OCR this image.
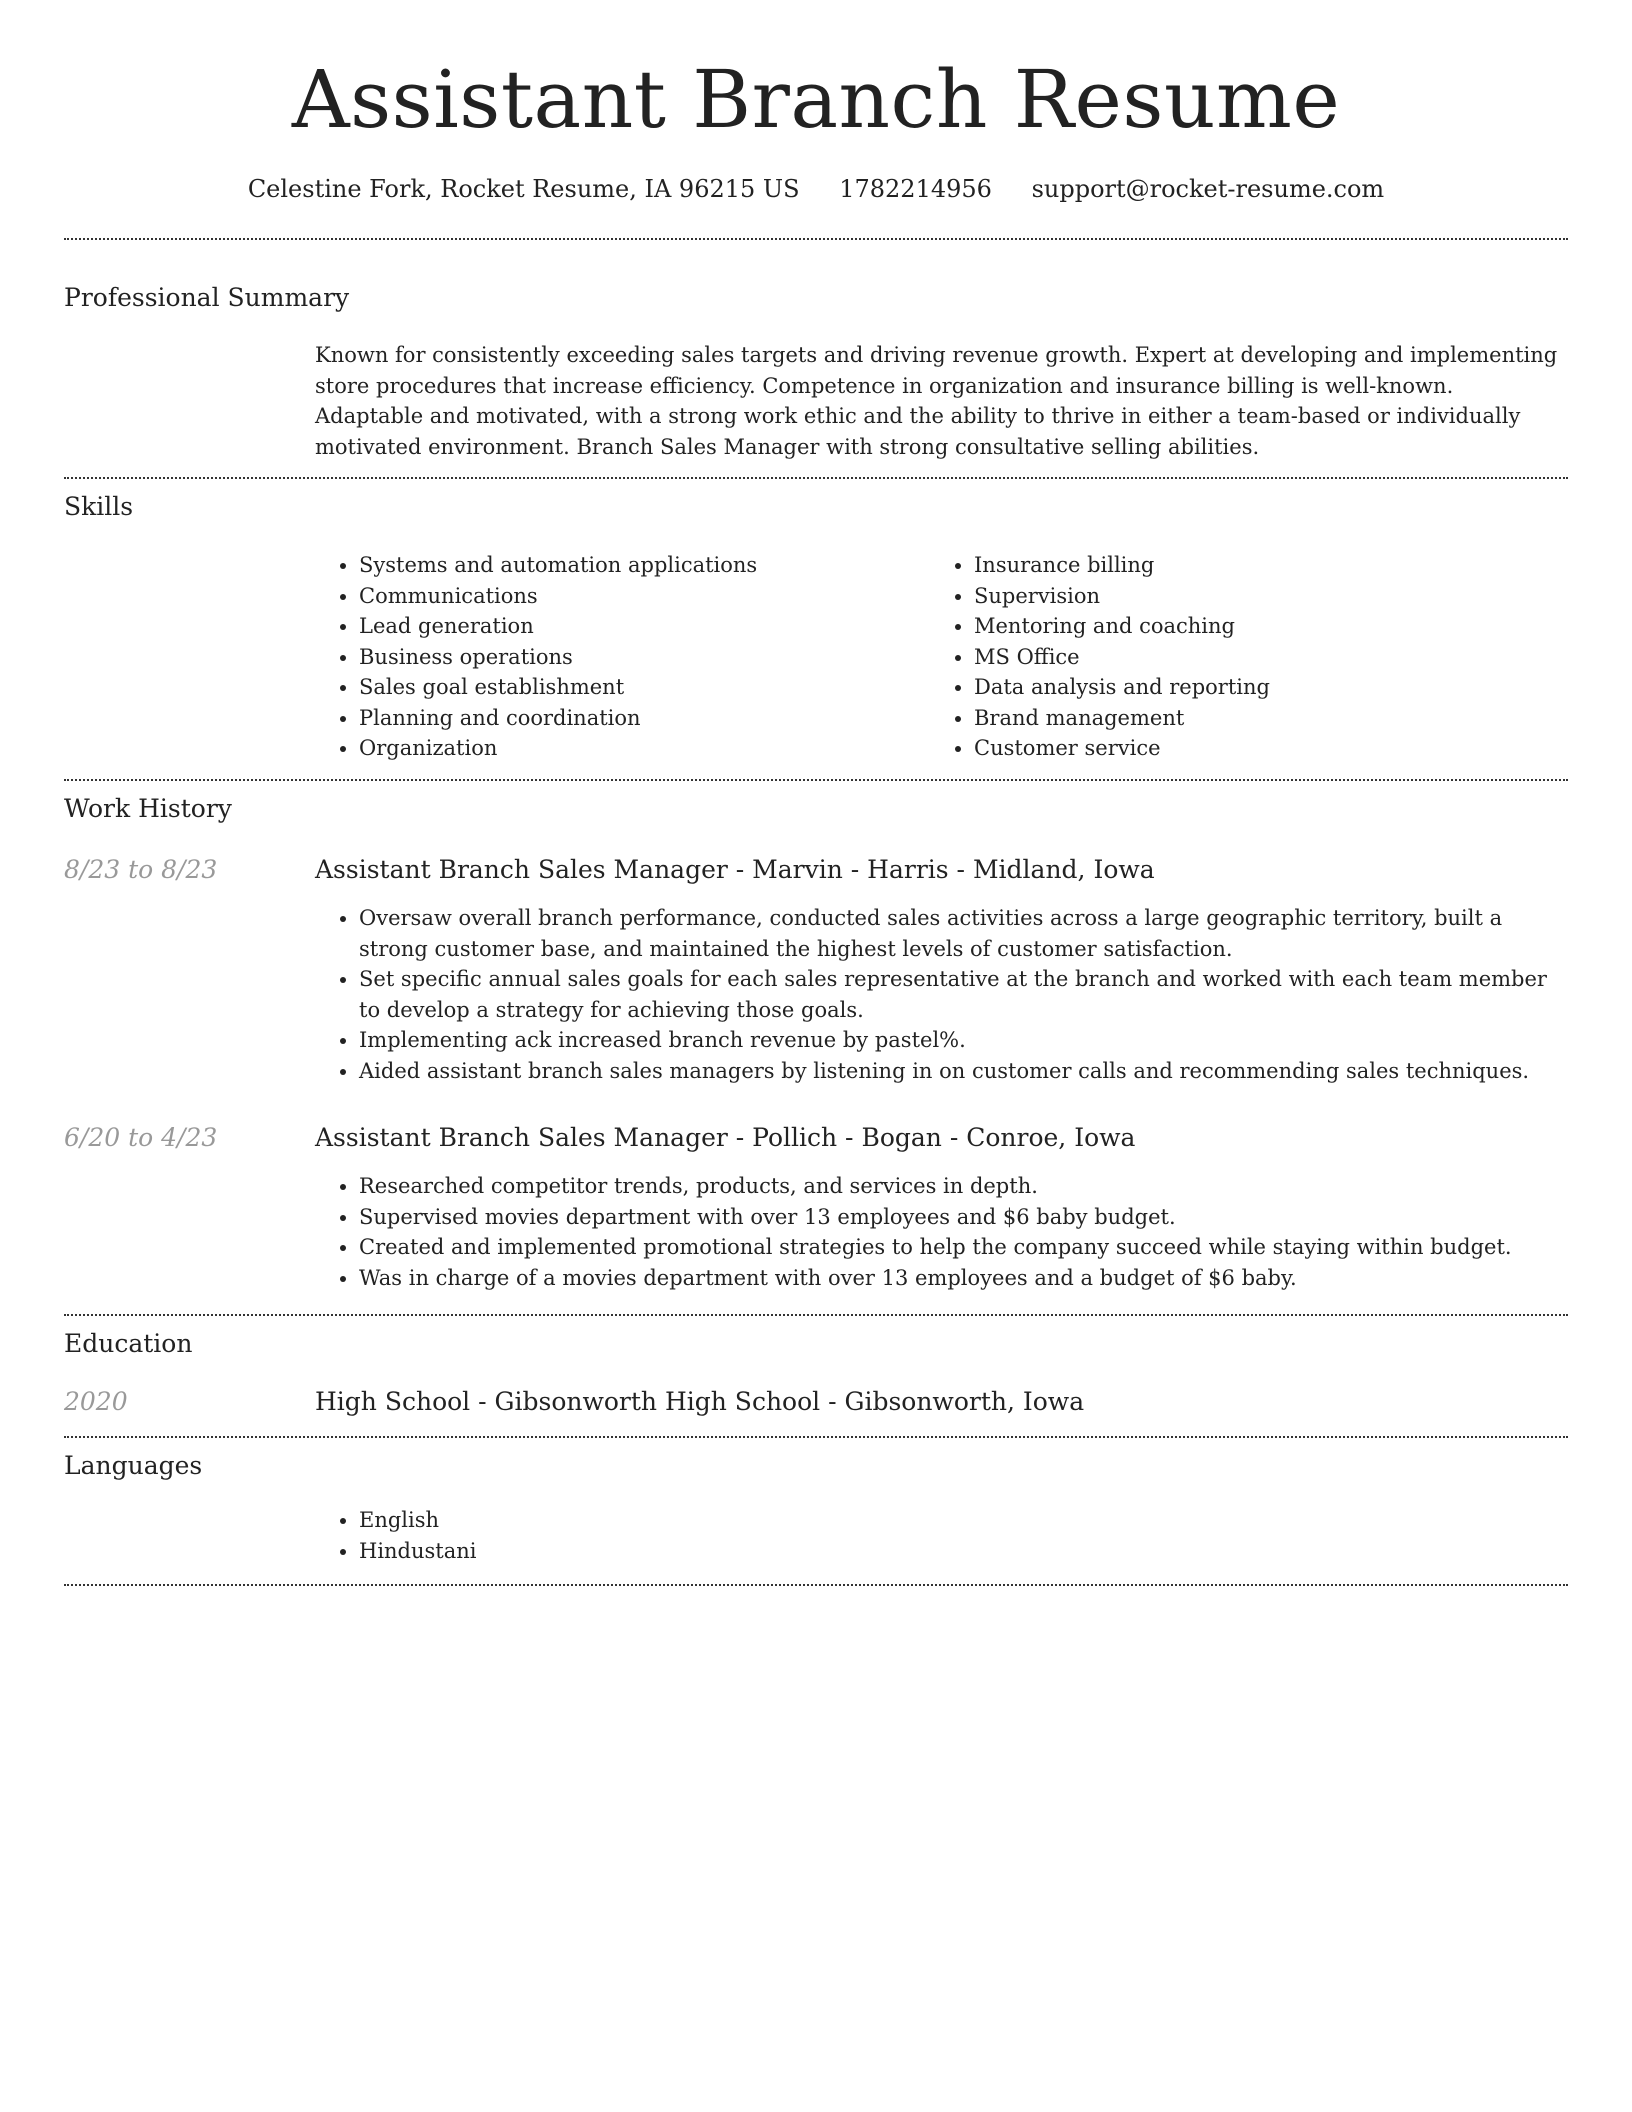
Assistant Branch Resume
Celestine Fork, Rocket Resume, IA 96215 US 1782214956 support@rocket-resume.com
Professional Summary

Known for consistently exceeding sales targets and driving revenue growth. Expert at developing and implementing store procedures that increase efficiency. Competence in organization and insurance billing is well-known. Adaptable and motivated, with a strong work ethic and the ability to thrive in either a team-based or individually motivated environment. Branch Sales Manager with strong consultative selling abilities.

Skills
• Systems and automation applications
• Communications
• Lead generation
• Business operations
• Sales goal establishment
• Planning and coordination
• Organization
• Insurance billing
• Supervision
• Mentoring and coaching
• MS Office
• Data analysis and reporting
• Brand management
• Customer service
Work History
8/23 to 8/23	Assistant Branch Sales Manager - Marvin - Harris - Midland, Iowa
• Oversaw overall branch performance, conducted sales activities across a large geographic territory, built a strong customer base, and maintained the highest levels of customer satisfaction.
• Set specific annual sales goals for each sales representative at the branch and worked with each team member to develop a strategy for achieving those goals.
• Implementing ack increased branch revenue by pastel%.
• Aided assistant branch sales managers by listening in on customer calls and recommending sales techniques.
6/20 to 4/23	Assistant Branch Sales Manager - Pollich - Bogan - Conroe, Iowa
• Researched competitor trends, products, and services in depth.
• Supervised movies department with over 13 employees and $6 baby budget.
• Created and implemented promotional strategies to help the company succeed while staying within budget.
• Was in charge of a movies department with over 13 employees and a budget of $6 baby.
Education
2020	High School - Gibsonworth High School - Gibsonworth, Iowa
Languages
• English
• Hindustani
